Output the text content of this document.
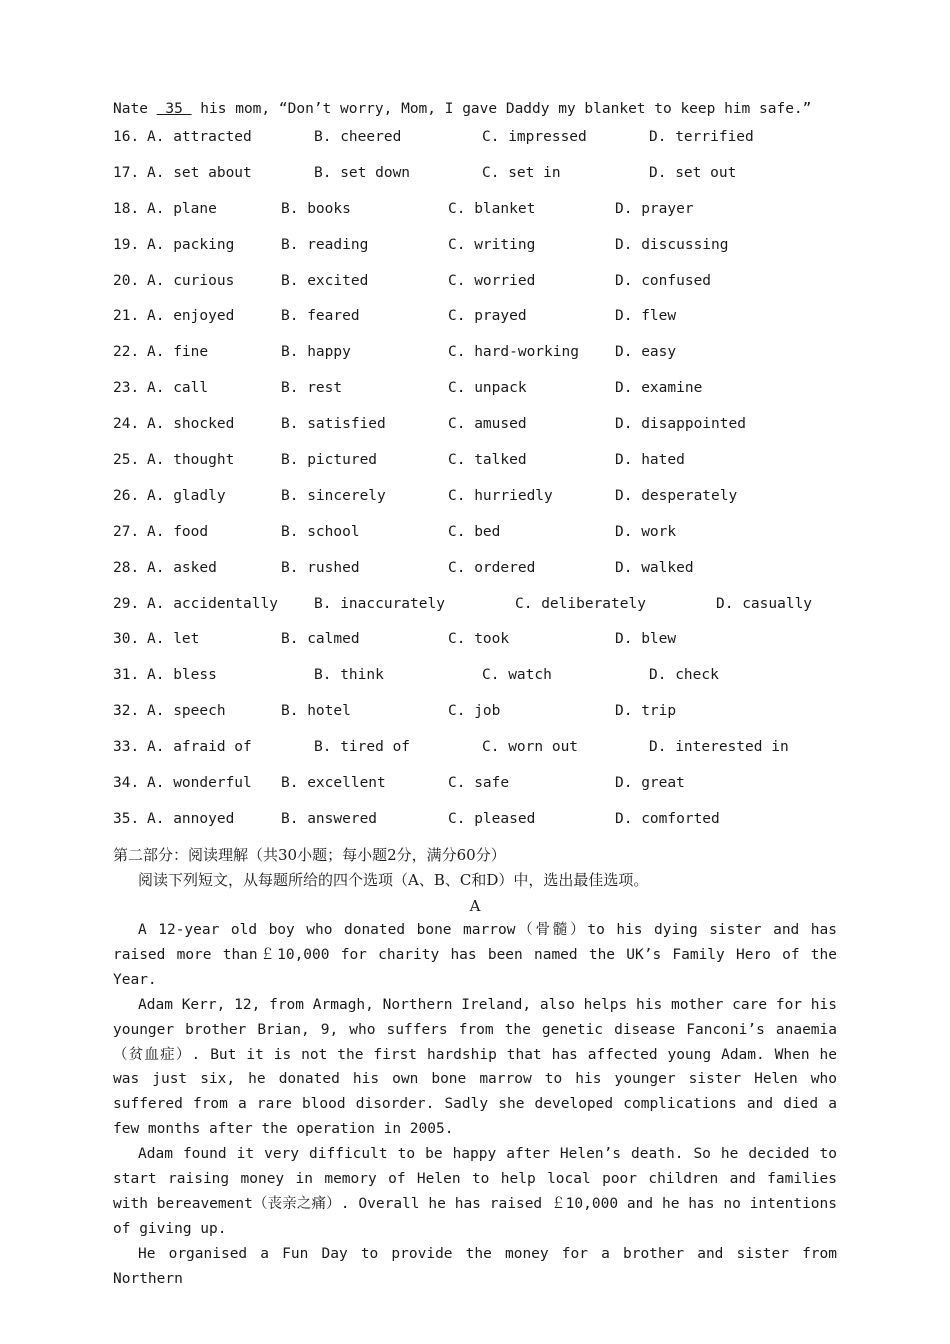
Nate  35  his mom, “Don’t worry, Mom, I gave Daddy my blanket to keep him safe.”
16. A. attracted	B. cheered	C. impressed	D. terrified
17. A. set about	B. set down	C. set in	D. set out
18. A. plane	B. books	C. blanket	D. prayer
19. A. packing	B. reading	C. writing	D. discussing
20. A. curious	B. excited	C. worried	D. confused
21. A. enjoyed	B. feared	C. prayed	D. flew
22. A. fine	B. happy	C. hard-working D. easy
23. A. call	B. rest	C. unpack	D. examine
24. A. shocked	B. satisfied	C. amused	D. disappointed
25. A. thought	B. pictured	C. talked	D. hated
26. A. gladly	B. sincerely	C. hurriedly	D. desperately
27. A. food	B. school	C. bed	D. work
28. A. asked	B. rushed	C. ordered	D. walked
29. A. accidentally B. inaccurately	C. deliberately	D. casually
30. A. let	B. calmed	C. took	D. blew
31. A. bless	B. think	C. watch	D. check
32. A. speech	B. hotel	C. job	D. trip
33. A. afraid of	B. tired of	C. worn out	D. interested in
34. A. wonderful B. excellent	C. safe	D. great
35. A. annoyed	B. answered	C. pleased	D. comforted
第二部分：阅读理解（共30小题；每小题2分，满分60分）
阅读下列短文，从每题所给的四个选项（A、B、C和D）中，选出最佳选项。
A

A 12-year old boy who donated bone marrow（骨髓）to his dying sister and has raised more than￡10,000 for charity has been named the UK’s Family Hero of the Year.

Adam Kerr, 12, from Armagh, Northern Ireland, also helps his mother care for his younger brother Brian, 9, who suffers from the genetic disease Fanconi’s anaemia（贫血症）. But it is not the first hardship that has affected young Adam. When he was just six, he donated his own bone marrow to his younger sister Helen who suffered from a rare blood disorder. Sadly she developed complications and died a few months after the operation in 2005.

Adam found it very difficult to be happy after Helen’s death. So he decided to start raising money in memory of Helen to help local poor children and families with bereavement（丧亲之痛）. Overall he has raised ￡10,000 and he has no intentions of giving up.

He organised a Fun Day to provide the money for a brother and sister from Northern
